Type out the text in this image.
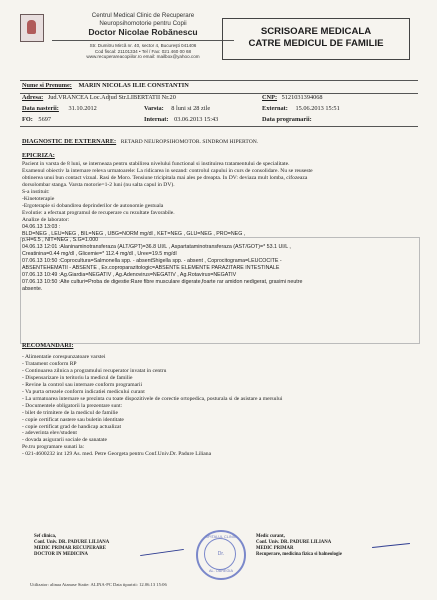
Centrul Medical Clinic de Recuperare
Neuropsihomotorie pentru Copii
Doctor Nicolae Robănescu
Str. Dumitru Mircă nr. 40, sector 4, Bucureşti 041406
Cod fiscal: 21101334 • Tel / Fax: 021 460 00 68
www.recuperareacopiilor.ro email: mailbox@yahoo.com
SCRISOARE MEDICALA
CATRE MEDICUL DE FAMILIE
Nume si Prenume: MARIN NICOLAS ILIE CONSTANTIN
Adresa: Jud.VRANCEA Loc.Adjud Str.LIBERTATII Nr.20	CNP: 5121031394068
Data nasterii: 31.10.2012	Varsta: 8 luni si 28 zile	Externat: 15.06.2013 15:51
FO: 5697	Internat: 03.06.2013 15:43	Data programarii:
DIAGNOSTIC DE EXTERNARE: RETARD NEUROPSIHOMOTOR. SINDROM HIPERTON.
EPICRIZA:
Pacient in varsta de 8 luni, se interneaza pentru stabilirea nivelului functional si instituirea tratamentului de specialitate.
Examenul obiectiv la internare releva urmatoarele: La ridicarea in sezand: controlul capului in curs de consolidare. Nu se reuseste
obtinerea unui bun contact vizual. Rasi de Moro. Tensiune tricipitala mai ales pe dreapta. In DV: deviaza mult lomba, cifozeaza
dorsolombar stanga. Varsta motorie=1-2 luni (nu salta capul in DV).
S-a instituit:
-Kinetoterapie
-Ergoterapie si dobandirea deprinderilor de autonomie gestuala
Evolutie: a efectuat programul de recuperare cu rezultate favorabile.
Analize de laborator:
04.06.13 13:03 :
BLD=NEG , LEU=NEG , BIL=NEG , UBG=NORM mg/dl , KET=NEG , GLU=NEG , PRO=NEG ,
p.H=6.5 , NIT=NEG , S.G=1.000
04.06.13 12:01 :Alaninaminotransferaza (ALT/GPT)=36.8 UI/L , Aspartataminotransferaza (AST/GOT)=* 53.1 UI/L ,
Creatinina=0.44 mg/dl , Glicemie=* 112.4 mg/dl , Uree=19.5 mg/dl
07.06.13 10:50 :Coprocultura=Salmonella spp. - absentShigella spp. - absent , Coprocitograma=LEUCOCITE -
ABSENTEHEMATII - ABSENTE , Ex.coproparazitologic=ABSENTE ELEMENTE PARAZITARE INTESTINALE
07.06.13 10:49 :Ag.Giardia=NEGATIV , Ag.Adenovirus=NEGATIV , Ag.Rotavirus=NEGATIV
07.06.13 10:50 :Alte culturi=Proba de digestie:Rare fibre musculare digerate,foarte rar amidon nedigerat, grasimi neutre
absente.
RECOMANDARI:
- Alimentatie corespunzatoare varstei
- Tratament conform RP
- Continuarea zilnica a programului recuperator invatat in centru
- Dispensarizare in teritoriu la medicul de familie
- Revine la control sau internare conform programarii
- Va purta ortezele conform indicatiei medicului curant
- La urmatoarea internare se prezinta cu toate dispozitivele de corectie ortopedica, posturala si de asistare a mersului
- Documentele obligatorii la prezentare sunt:
- bilet de trimitere de la medicul de familie
- copie certificat nastere sau buletin identitate
- copie certificat grad de handicap actualizat
- adeverinta elev/student
- dovada asigurarii sociale de sanatate
Pe.tru programare sunati la:
- 021-4600232 int 129 As. med. Petre Georgeta pentru Conf.Univ.Dr. Padure Liliana
Sef clinica,
Conf. Univ. DR. PADURE LILIANA
MEDIC PRIMAR RECUPERARE
DOCTOR IN MEDICINA
SPITALUL CLINIC
Dr.
AL. OBREGIA
Medic curant,
Conf. Univ. DR. PADURE LILIANA
MEDIC PRIMAR
Recuperare, medicina fizica si balneologie
Utilizator: alinaa Atanase Statie: ALINA-PC Data tiparirii: 12.06.13 15:06
